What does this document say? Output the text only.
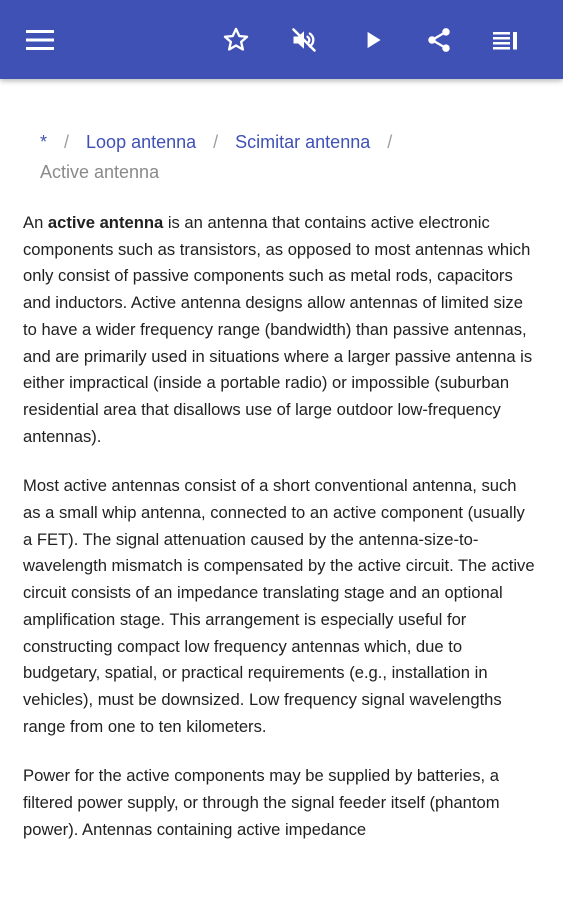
* / Loop antenna / Scimitar antenna /
Active antenna

An active antenna is an antenna that contains active electronic components such as transistors, as opposed to most antennas which only consist of passive components such as metal rods, capacitors and inductors. Active antenna designs allow antennas of limited size to have a wider frequency range (bandwidth) than passive antennas, and are primarily used in situations where a larger passive antenna is either impractical (inside a portable radio) or impossible (suburban residential area that disallows use of large outdoor low-frequency antennas).

Most active antennas consist of a short conventional antenna, such as a small whip antenna, connected to an active component (usually a FET). The signal attenuation caused by the antenna-size-to-wavelength mismatch is compensated by the active circuit. The active circuit consists of an impedance translating stage and an optional amplification stage. This arrangement is especially useful for constructing compact low frequency antennas which, due to budgetary, spatial, or practical requirements (e.g., installation in vehicles), must be downsized. Low frequency signal wavelengths range from one to ten kilometers.

Power for the active components may be supplied by batteries, a filtered power supply, or through the signal feeder itself (phantom power). Antennas containing active impedance
